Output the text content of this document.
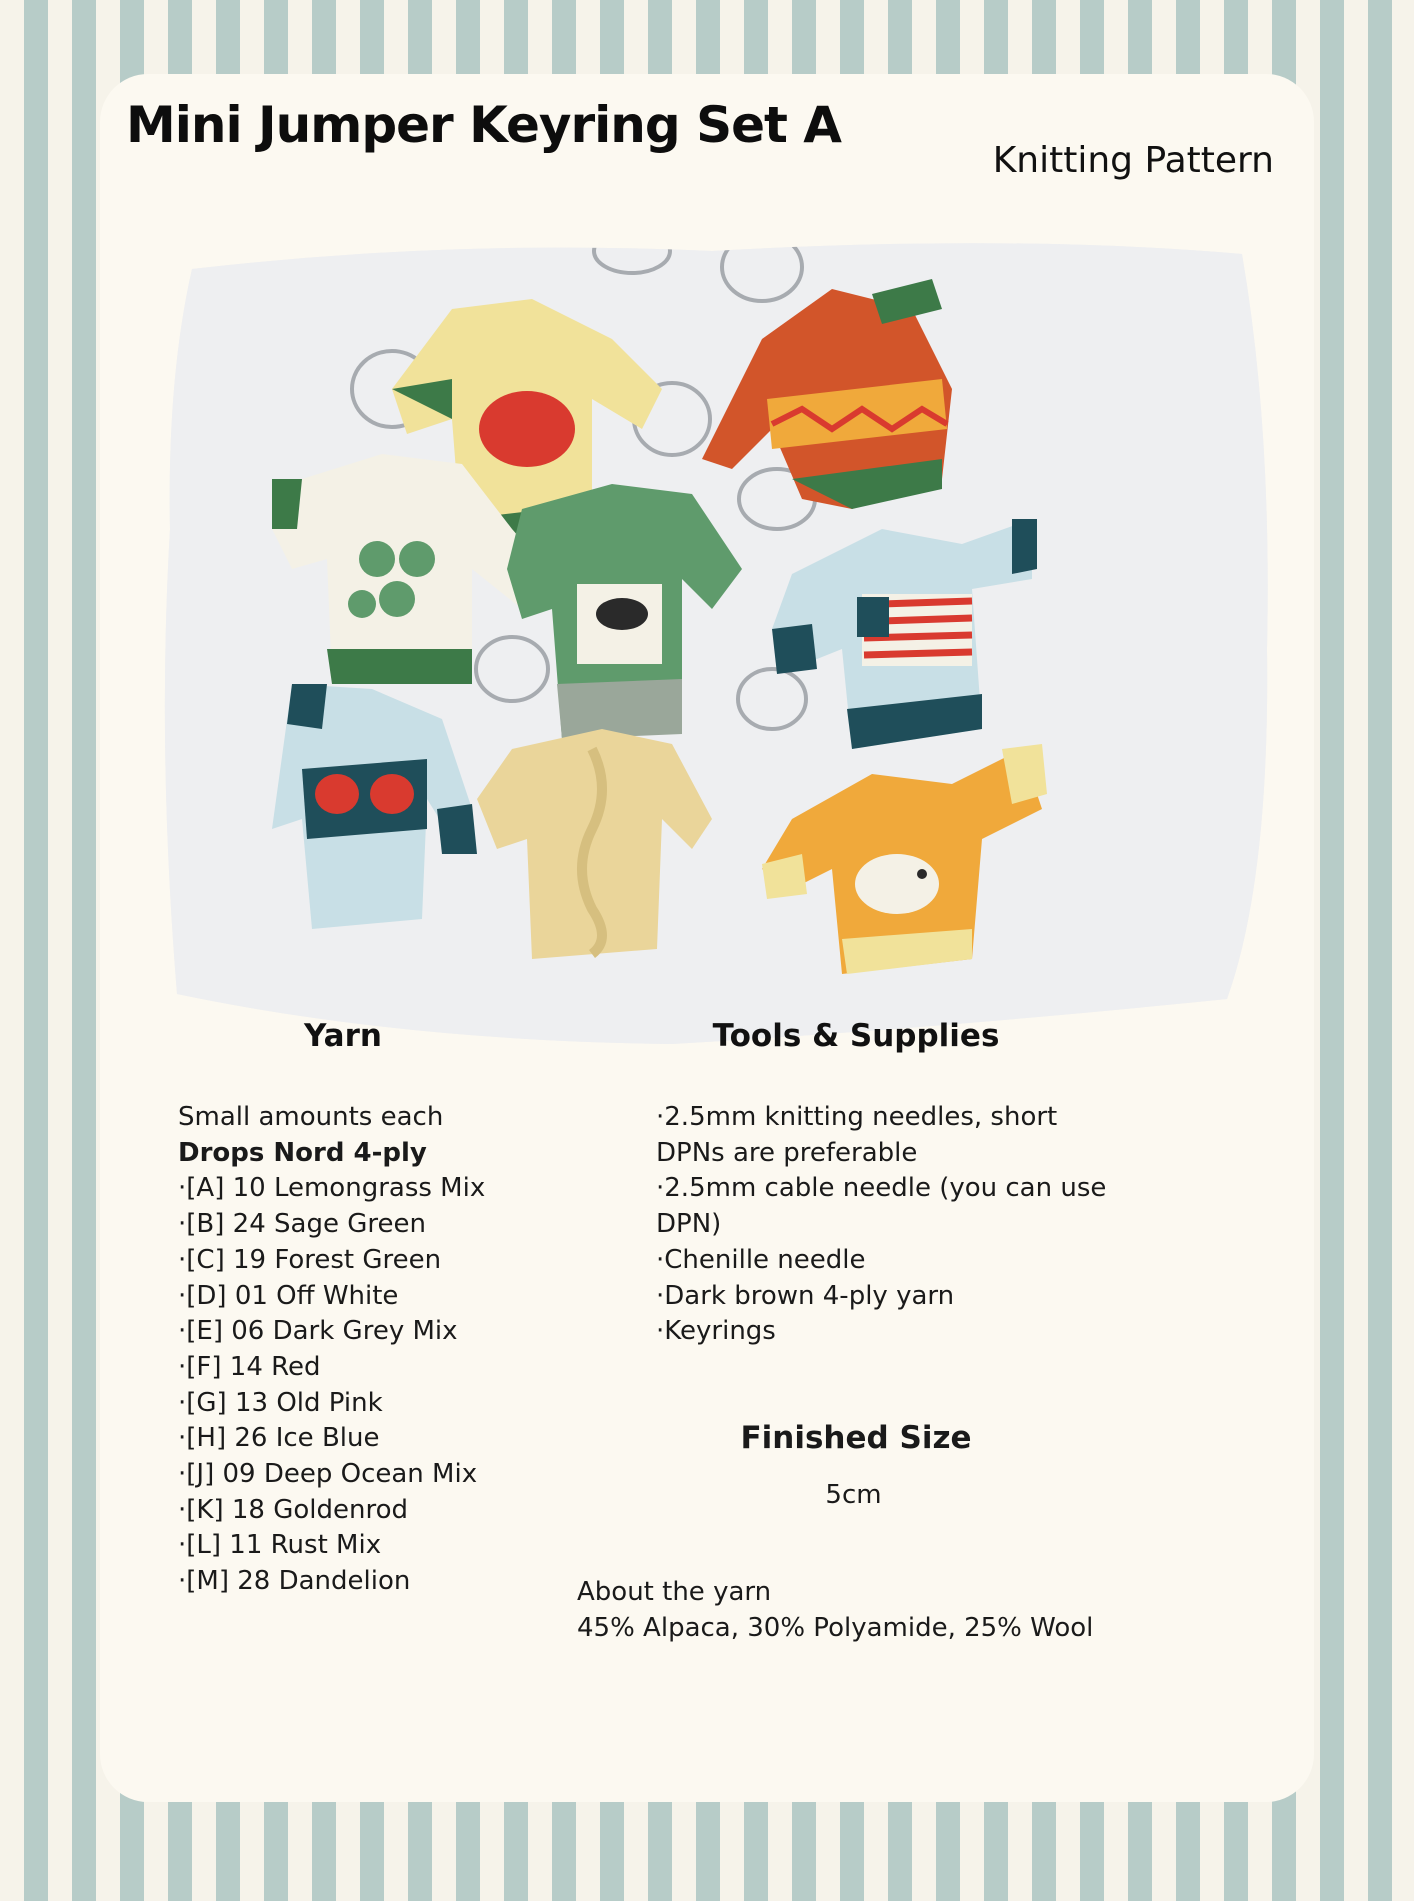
Mini Jumper Keyring Set A

Knitting Pattern

Yarn
Small amounts each
Drops Nord 4-ply
·[A] 10 Lemongrass Mix
·[B] 24 Sage Green
·[C] 19 Forest Green
·[D] 01 Off White
·[E] 06 Dark Grey Mix
·[F] 14 Red
·[G] 13 Old Pink
·[H] 26 Ice Blue
·[J] 09 Deep Ocean Mix
·[K] 18 Goldenrod
·[L] 11 Rust Mix
·[M] 28 Dandelion
Tools & Supplies
·2.5mm knitting needles, short DPNs are preferable
·2.5mm cable needle (you can use DPN)
·Chenille needle
·Dark brown 4-ply yarn
·Keyrings
Finished Size

5cm

About the yarn
45% Alpaca, 30% Polyamide, 25% Wool
